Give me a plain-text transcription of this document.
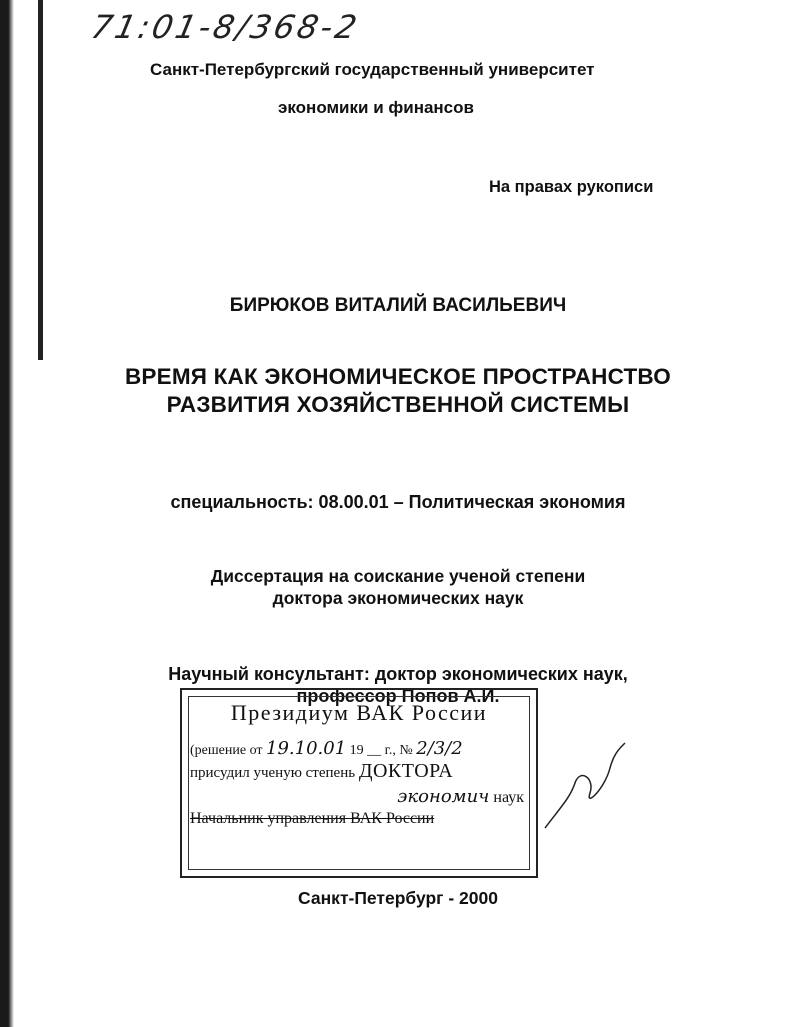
71:01-8/368-2
Санкт-Петербургский государственный университет
экономики и финансов
На правах рукописи
БИРЮКОВ ВИТАЛИЙ ВАСИЛЬЕВИЧ
ВРЕМЯ КАК ЭКОНОМИЧЕСКОЕ ПРОСТРАНСТВО
РАЗВИТИЯ ХОЗЯЙСТВЕННОЙ СИСТЕМЫ
специальность: 08.00.01 – Политическая экономия
Диссертация на соискание ученой степени
доктора экономических наук
Научный консультант: доктор экономических наук,
профессор Попов А.И.
Президиум ВАК России
(решение от 19.10.01 19 __ г., № 2/3/2
присудил ученую степень ДОКТОРА
экономич наук
Начальник управления ВАК России
Санкт-Петербург - 2000
